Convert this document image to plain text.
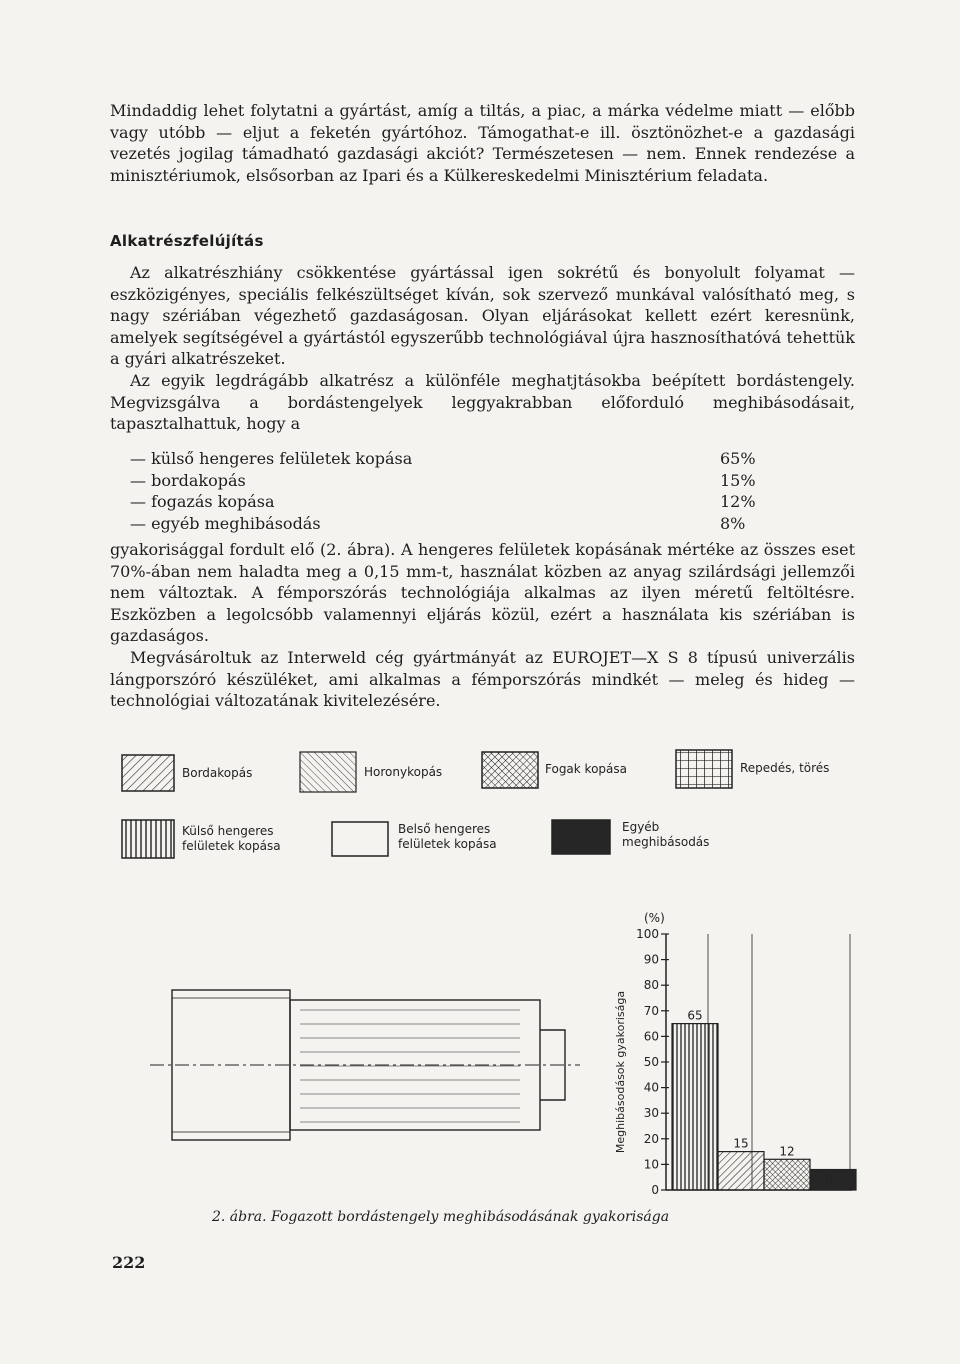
Mindaddig lehet folytatni a gyártást, amíg a tiltás, a piac, a márka védelme miatt — előbb vagy utóbb — eljut a feketén gyártóhoz. Támogathat-e ill. ösztönözhet-e a gazdasági vezetés jogilag támadható gazdasági akciót? Természetesen — nem. Ennek rendezése a minisztériumok, elsősorban az Ipari és a Külkereskedelmi Minisztérium feladata.

Alkatrészfelújítás

Az alkatrészhiány csökkentése gyártással igen sokrétű és bonyolult folyamat — eszközigényes, speciális felkészültséget kíván, sok szervező munkával valósítható meg, s nagy szériában végezhető gazdaságosan. Olyan eljárásokat kellett ezért keresnünk, amelyek segítségével a gyártástól egyszerűbb technológiával újra hasznosíthatóvá tehettük a gyári alkatrészeket.

Az egyik legdrágább alkatrész a különféle meghatjtásokba beépített bordástengely. Megvizsgálva a bordástengelyek leggyakrabban előforduló meghibásodásait, tapasztalhattuk, hogy a

— külső hengeres felületek kopása	65%
— bordakopás	15%
— fogazás kopása	12%
— egyéb meghibásodás	8%

gyakorisággal fordult elő (2. ábra). A hengeres felületek kopásának mértéke az összes eset 70%-ában nem haladta meg a 0,15 mm-t, használat közben az anyag szilárdsági jellemzői nem változtak. A fémporszórás technológiája alkalmas az ilyen méretű feltöltésre. Eszközben a legolcsóbb valamennyi eljárás közül, ezért a használata kis szériában is gazdaságos.

Megvásároltuk az Interweld cég gyártmányát az EUROJET—X S 8 típusú univerzális lángporszóró készüléket, ami alkalmas a fémporszórás mindkét — meleg és hideg — technológiai változatának kivitelezésére.

Bordakopás	Horonykopás	Fogak kopása	Repedés, törés
Külső hengeres
felületek kopása
Belső hengeres
felületek kopása
Egyéb
meghibásodás
0
10
20
30
40
50
60
70
80
90
100
(%)
Meghibásodások gyakorisága	65
15
12
8
2. ábra. Fogazott bordástengely meghibásodásának gyakorisága
222
